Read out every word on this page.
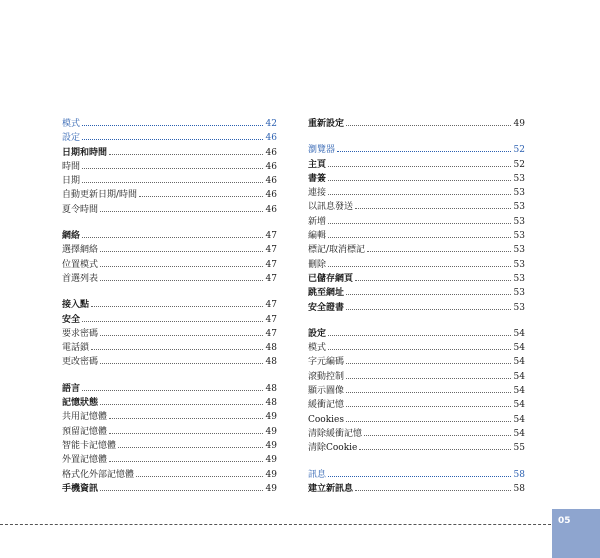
模式	42
設定	46
日期和時間	46
時間	46
日期	46
自動更新日期/時間	46
夏令時間	46
網絡	47
選擇網絡	47
位置模式	47
首選列表	47
接入點	47
安全	47
要求密碼	47
電話鎖	48
更改密碼	48
語言	48
記憶狀態	48
共用記憶體	49
預留記憶體	49
智能卡記憶體	49
外置記憶體	49
格式化外部記憶體	49
手機資訊	49
重新設定	49
瀏覽器	52
主頁	52
書簽	53
連接	53
以訊息發送	53
新增	53
編輯	53
標記/取消標記	53
刪除	53
已儲存網頁	53
跳至網址	53
安全證書	53
設定	54
模式	54
字元編碼	54
滾動控制	54
顯示圖像	54
緩衝記憶	54
Cookies	54
清除緩衝記憶	54
清除Cookie	55
訊息	58
建立新訊息	58
05
